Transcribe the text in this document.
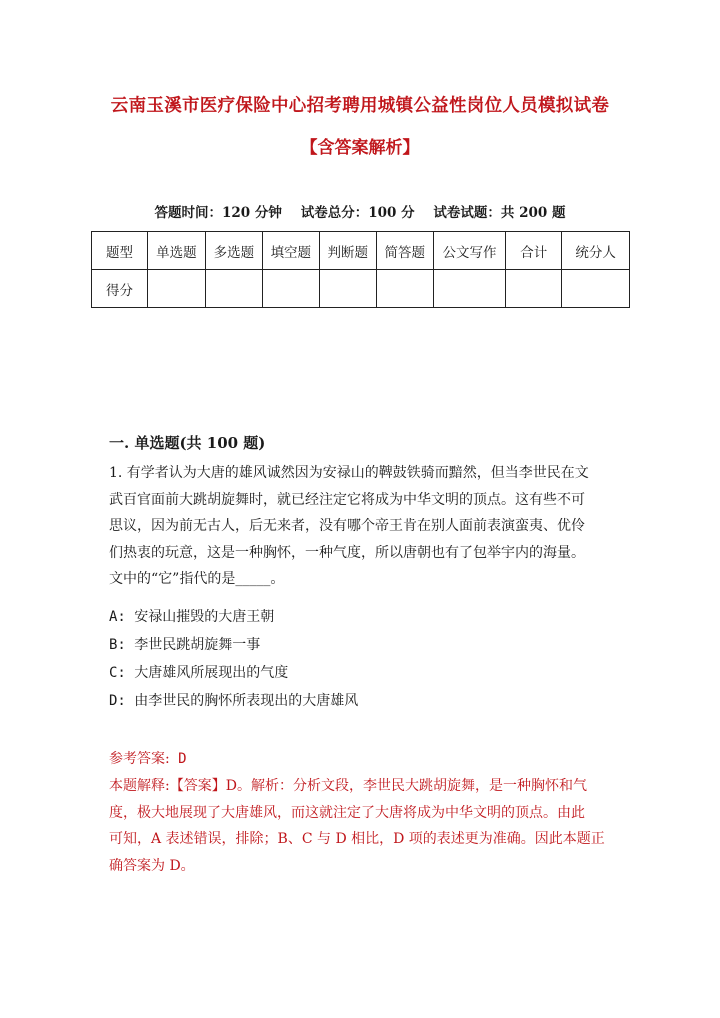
云南玉溪市医疗保险中心招考聘用城镇公益性岗位人员模拟试卷
【含答案解析】
答题时间：120 分钟    试卷总分：100 分    试卷试题：共 200 题
题型	单选题	多选题	填空题	判断题	简答题	公文写作	合计	统分人
得分								
一. 单选题(共 100 题)
1. 有学者认为大唐的雄风诚然因为安禄山的鞞鼓铁骑而黯然，但当李世民在文
武百官面前大跳胡旋舞时，就已经注定它将成为中华文明的顶点。这有些不可
思议，因为前无古人，后无来者，没有哪个帝王肯在别人面前表演蛮夷、优伶
们热衷的玩意，这是一种胸怀，一种气度，所以唐朝也有了包举宇内的海量。
文中的“它”指代的是_____。
A: 安禄山摧毁的大唐王朝
B: 李世民跳胡旋舞一事
C: 大唐雄风所展现出的气度
D: 由李世民的胸怀所表现出的大唐雄风
参考答案: D
本题解释:【答案】D。解析：分析文段，李世民大跳胡旋舞，是一种胸怀和气
度，极大地展现了大唐雄风，而这就注定了大唐将成为中华文明的顶点。由此
可知，A 表述错误，排除；B、C 与 D 相比，D 项的表述更为准确。因此本题正
确答案为 D。
